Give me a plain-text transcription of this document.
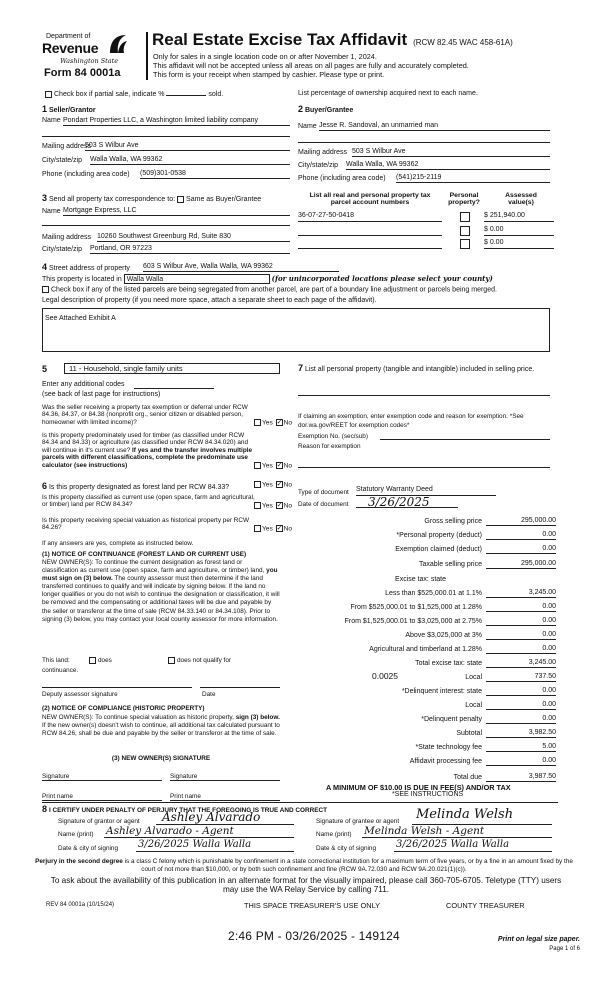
Department of
Revenue
Washington State
Form 84 0001a
Real Estate Excise Tax Affidavit (RCW 82.45 WAC 458-61A)
Only for sales in a single location code on or after November 1, 2024.
This affidavit will not be accepted unless all areas on all pages are fully and accurately completed.
This form is your receipt when stamped by cashier. Please type or print.
Check box if partial sale, indicate %	sold.	List percentage of ownership acquired next to each name.
1 Seller/Grantor
Name Pondart Properties LLC, a Washington limited liability company
Mailing address
503 S Wilbur Ave
City/state/zip Walla Walla, WA 99362
Phone (including area code) (509)301-0538
2 Buyer/Grantee
Name Jesse R. Sandoval, an unmarried man
Mailing address 503 S Wilbur Ave
City/state/zip Walla Walla, WA 99362
Phone (including area code) (541)215-2119
3 Send all property tax correspondence to: Same as Buyer/Grantee
Name Mortgage Express, LLC
Mailing address 10260 Southwest Greenburg Rd, Suite 830
City/state/zip Portland, OR 97223
List all real and personal property tax parcel account numbers
Personal property?
Assessed value(s)
36-07-27-50-0418	$ 251,940.00
$ 0.00
$ 0.00
4 Street address of property 603 S Wilbur Ave, Walla Walla, WA 99362
This property is located in Walla Walla	(for unincorporated locations please select your county)
Check box if any of the listed parcels are being segregated from another parcel, are part of a boundary line adjustment or parcels being merged.
Legal description of property (if you need more space, attach a separate sheet to each page of the affidavit).
See Attached Exhibit A
5	11 - Household, single family units
Enter any additional codes
(see back of last page for instructions)
Was the seller receiving a property tax exemption or deferral under RCW 84.36, 84.37, or 84.38 (nonprofit org., senior citizen or disabled person, homeowner with limited income)?	Yes ✓ No
Is this property predominately used for timber (as classified under RCW 84.34 and 84.33) or agriculture (as classified under RCW 84.34.020) and will continue in it's current use? If yes and the transfer involves multiple parcels with different classifications, complete the predominate use calculator (see instructions)	Yes ✓ No
6 Is this property designated as forest land per RCW 84.33?	Yes ✓ No
Is this property classified as current use (open space, farm and agricultural, or timber) land per RCW 84.34?	Yes ✓ No
Is this property receiving special valuation as historical property per RCW 84.26?	Yes ✓ No
If any answers are yes, complete as instructed below.
(1) NOTICE OF CONTINUANCE (FOREST LAND OR CURRENT USE)
NEW OWNER(S): To continue the current designation as forest land or classification as current use (open space, farm and agriculture, or timber) land, you must sign on (3) below. The county assessor must then determine if the land transferred continues to qualify and will indicate by signing below. If the land no longer qualifies or you do not wish to continue the designation or classification, it will be removed and the compensating or additional taxes will be due and payable by the seller or transferor at the time of sale (RCW 84.33.140 or 84.34.108). Prior to signing (3) below, you may contact your local county assessor for more information.
This land:	does	does not qualify for
continuance.
Deputy assessor signature	Date
(2) NOTICE OF COMPLIANCE (HISTORIC PROPERTY)
NEW OWNER(S): To continue special valuation as historic property, sign (3) below. If the new owner(s) doesn't wish to continue, all additional tax calculated pursuant to RCW 84.26, shall be due and payable by the seller or transferor at the time of sale.
(3) NEW OWNER(S) SIGNATURE
Signature	Signature
Print name	Print name
7 List all personal property (tangible and intangible) included in selling price.
If claiming an exemption, enter exemption code and reason for exemption. *See dor.wa.gov/REET for exemption codes*
Exemption No. (sec/sub)
Reason for exemption
Type of document Statutory Warranty Deed
Date of document	3/26/2025
Gross selling price	295,000.00
*Personal property (deduct)	0.00
Exemption claimed (deduct)	0.00
Taxable selling price	295,000.00
Excise tax: state
Less than $525,000.01 at 1.1%	3,245.00
From $525,000.01 to $1,525,000 at 1.28%	0.00
From $1,525,000.01 to $3,025,000 at 2.75%	0.00
Above $3,025,000 at 3%	0.00
Agricultural and timberland at 1.28%	0.00
Total excise tax: state	3,245.00
0.0025	Local	737.50
*Delinquent interest: state	0.00
Local	0.00
*Delinquent penalty	0.00
Subtotal	3,982.50
*State technology fee	5.00
Affidavit processing fee	0.00
Total due	3,987.50
A MINIMUM OF $10.00 IS DUE IN FEE(S) AND/OR TAX
*SEE INSTRUCTIONS
8 I CERTIFY UNDER PENALTY OF PERJURY THAT THE FOREGOING IS TRUE AND CORRECT
Signature of grantor or agent	Ashley Alvarado
Name (print) Ashley Alvarado - Agent
Date & city of signing 3/26/2025 Walla Walla
Signature of grantee or agent	Melinda Welsh
Name (print) Melinda Welsh - Agent
Date & city of signing 3/26/2025 Walla Walla
Perjury in the second degree is a class C felony which is punishable by confinement in a state correctional institution for a maximum term of five years, or by a fine in an amount fixed by the court of not more than $10,000, or by both such confinement and fine (RCW 9A.72.030 and RCW 9A.20.021(1)(c)).
To ask about the availability of this publication in an alternate format for the visually impaired, please call 360-705-6705. Teletype (TTY) users may use the WA Relay Service by calling 711.
REV 84 0001a (10/15/24)	THIS SPACE TREASURER'S USE ONLY	COUNTY TREASURER
2:46 PM - 03/26/2025 - 149124	Print on legal size paper.
Page 1 of 6
